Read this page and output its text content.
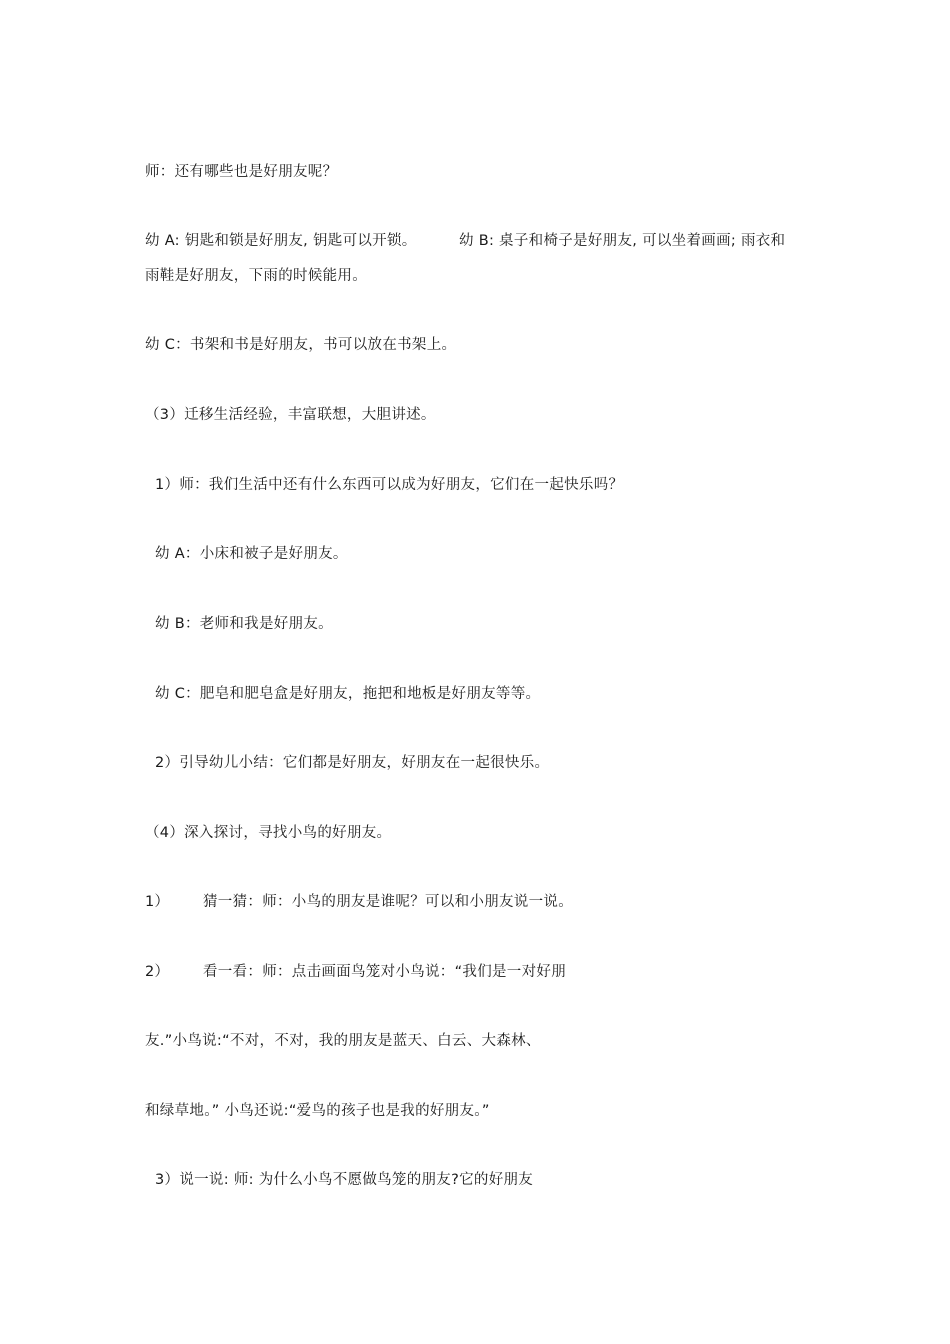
师：还有哪些也是好朋友呢？
幼 A: 钥匙和锁是好朋友, 钥匙可以开锁。	幼 B: 桌子和椅子是好朋友, 可以坐着画画; 雨衣和
雨鞋是好朋友，下雨的时候能用。
幼 C：书架和书是好朋友，书可以放在书架上。
（3）迁移生活经验，丰富联想，大胆讲述。
1）师：我们生活中还有什么东西可以成为好朋友，它们在一起快乐吗？
幼 A：小床和被子是好朋友。
幼 B：老师和我是好朋友。
幼 C：肥皂和肥皂盒是好朋友，拖把和地板是好朋友等等。
2）引导幼儿小结：它们都是好朋友，好朋友在一起很快乐。
（4）深入探讨，寻找小鸟的好朋友。
1） 猜一猜：师：小鸟的朋友是谁呢？可以和小朋友说一说。
2） 看一看：师：点击画面鸟笼对小鸟说：“我们是一对好朋
友.”小鸟说:“不对，不对，我的朋友是蓝天、白云、大森林、
和绿草地。” 小鸟还说:“爱鸟的孩子也是我的好朋友。”
3）说一说: 师: 为什么小鸟不愿做鸟笼的朋友?它的好朋友
